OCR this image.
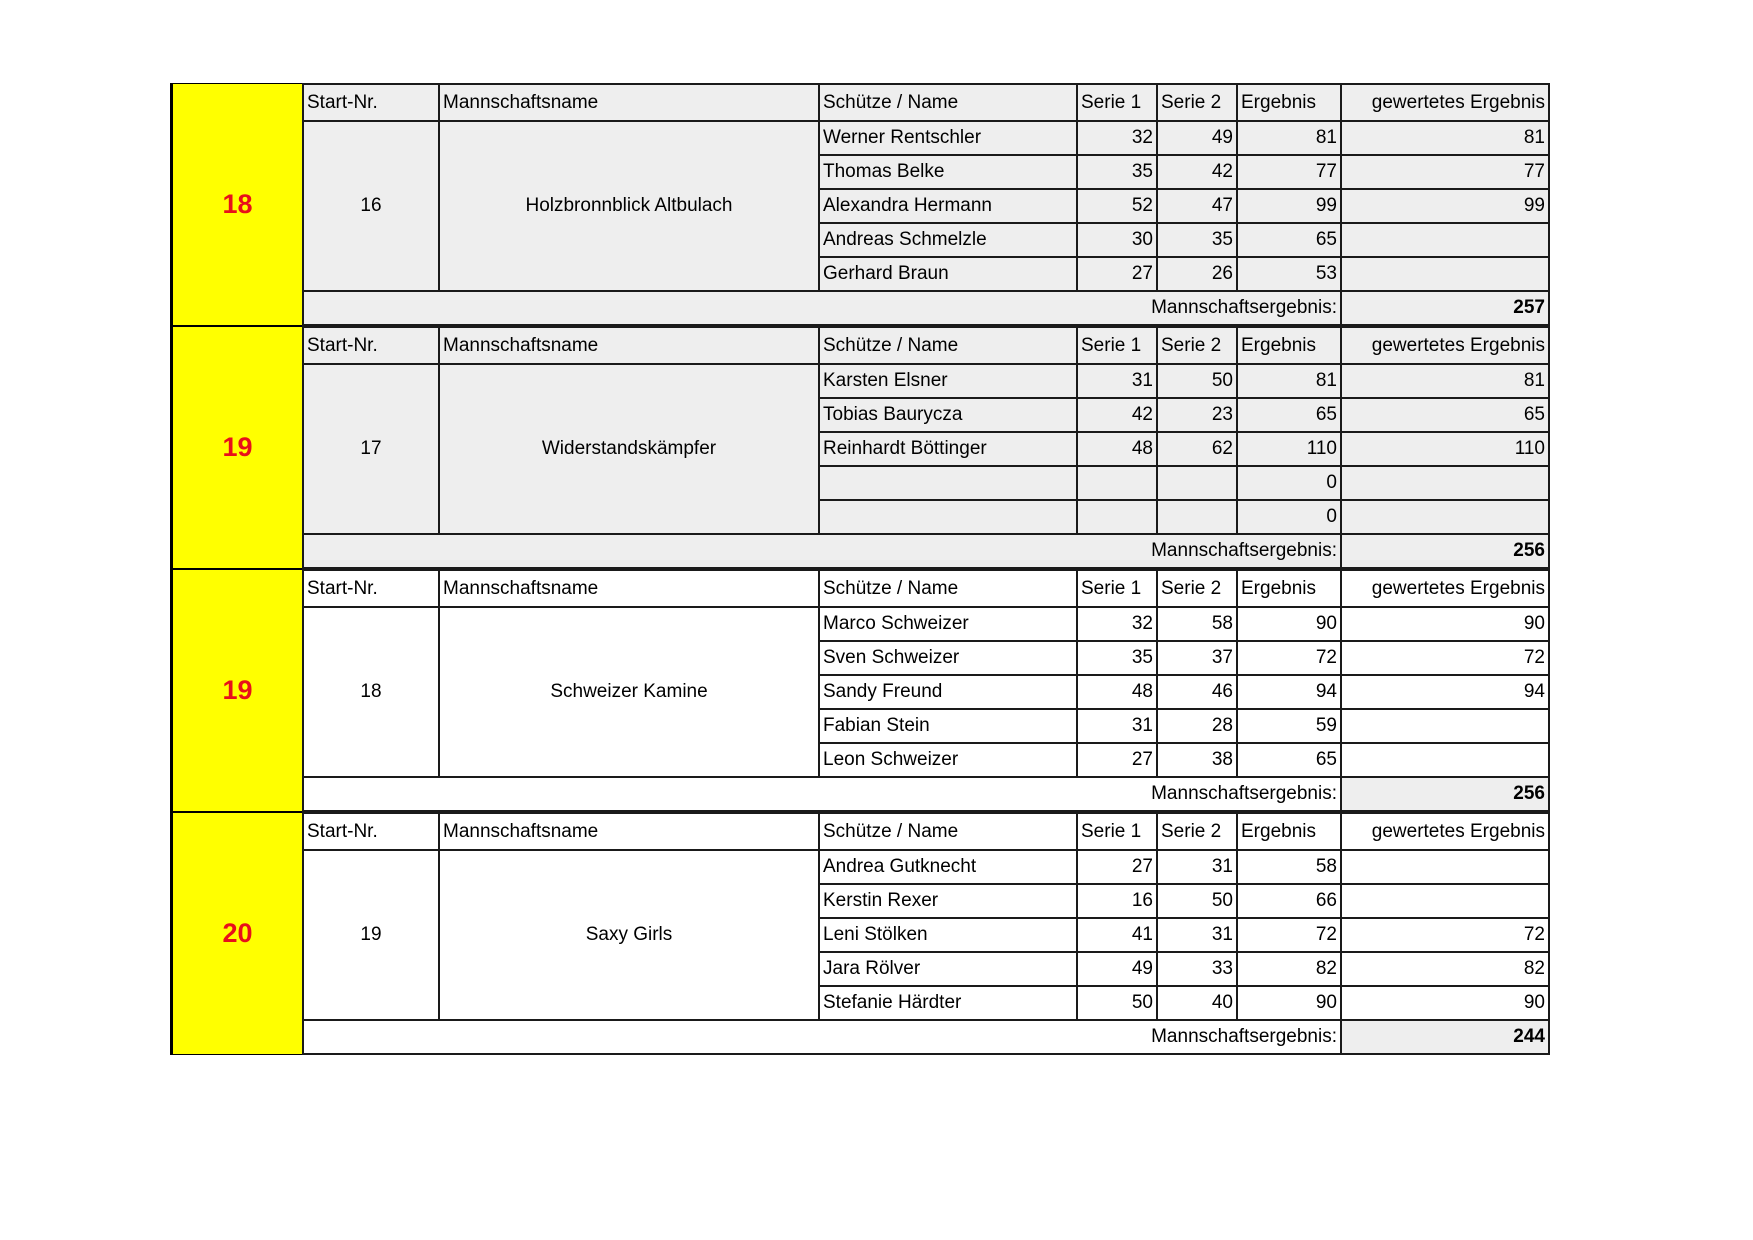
18
Start-Nr.	Mannschaftsname	Schütze / Name	Serie 1	Serie 2	Ergebnis	gewertetes Ergebnis
16	Holzbronnblick Altbulach	Werner Rentschler	32	49	81	81
		Thomas Belke	35	42	77	77
		Alexandra Hermann	52	47	99	99
		Andreas Schmelzle	30	35	65	
		Gerhard Braun	27	26	53	
Mannschaftsergebnis:						257
19
Start-Nr.	Mannschaftsname	Schütze / Name	Serie 1	Serie 2	Ergebnis	gewertetes Ergebnis
17	Widerstandskämpfer	Karsten Elsner	31	50	81	81
		Tobias Baurycza	42	23	65	65
		Reinhardt Böttinger	48	62	110	110
					0	
					0	
Mannschaftsergebnis:						256
19
Start-Nr.	Mannschaftsname	Schütze / Name	Serie 1	Serie 2	Ergebnis	gewertetes Ergebnis
18	Schweizer Kamine	Marco Schweizer	32	58	90	90
		Sven Schweizer	35	37	72	72
		Sandy Freund	48	46	94	94
		Fabian Stein	31	28	59	
		Leon Schweizer	27	38	65	
Mannschaftsergebnis:						256
20
Start-Nr.	Mannschaftsname	Schütze / Name	Serie 1	Serie 2	Ergebnis	gewertetes Ergebnis
19	Saxy Girls	Andrea Gutknecht	27	31	58	
		Kerstin Rexer	16	50	66	
		Leni Stölken	41	31	72	72
		Jara Rölver	49	33	82	82
		Stefanie Härdter	50	40	90	90
Mannschaftsergebnis:						244
